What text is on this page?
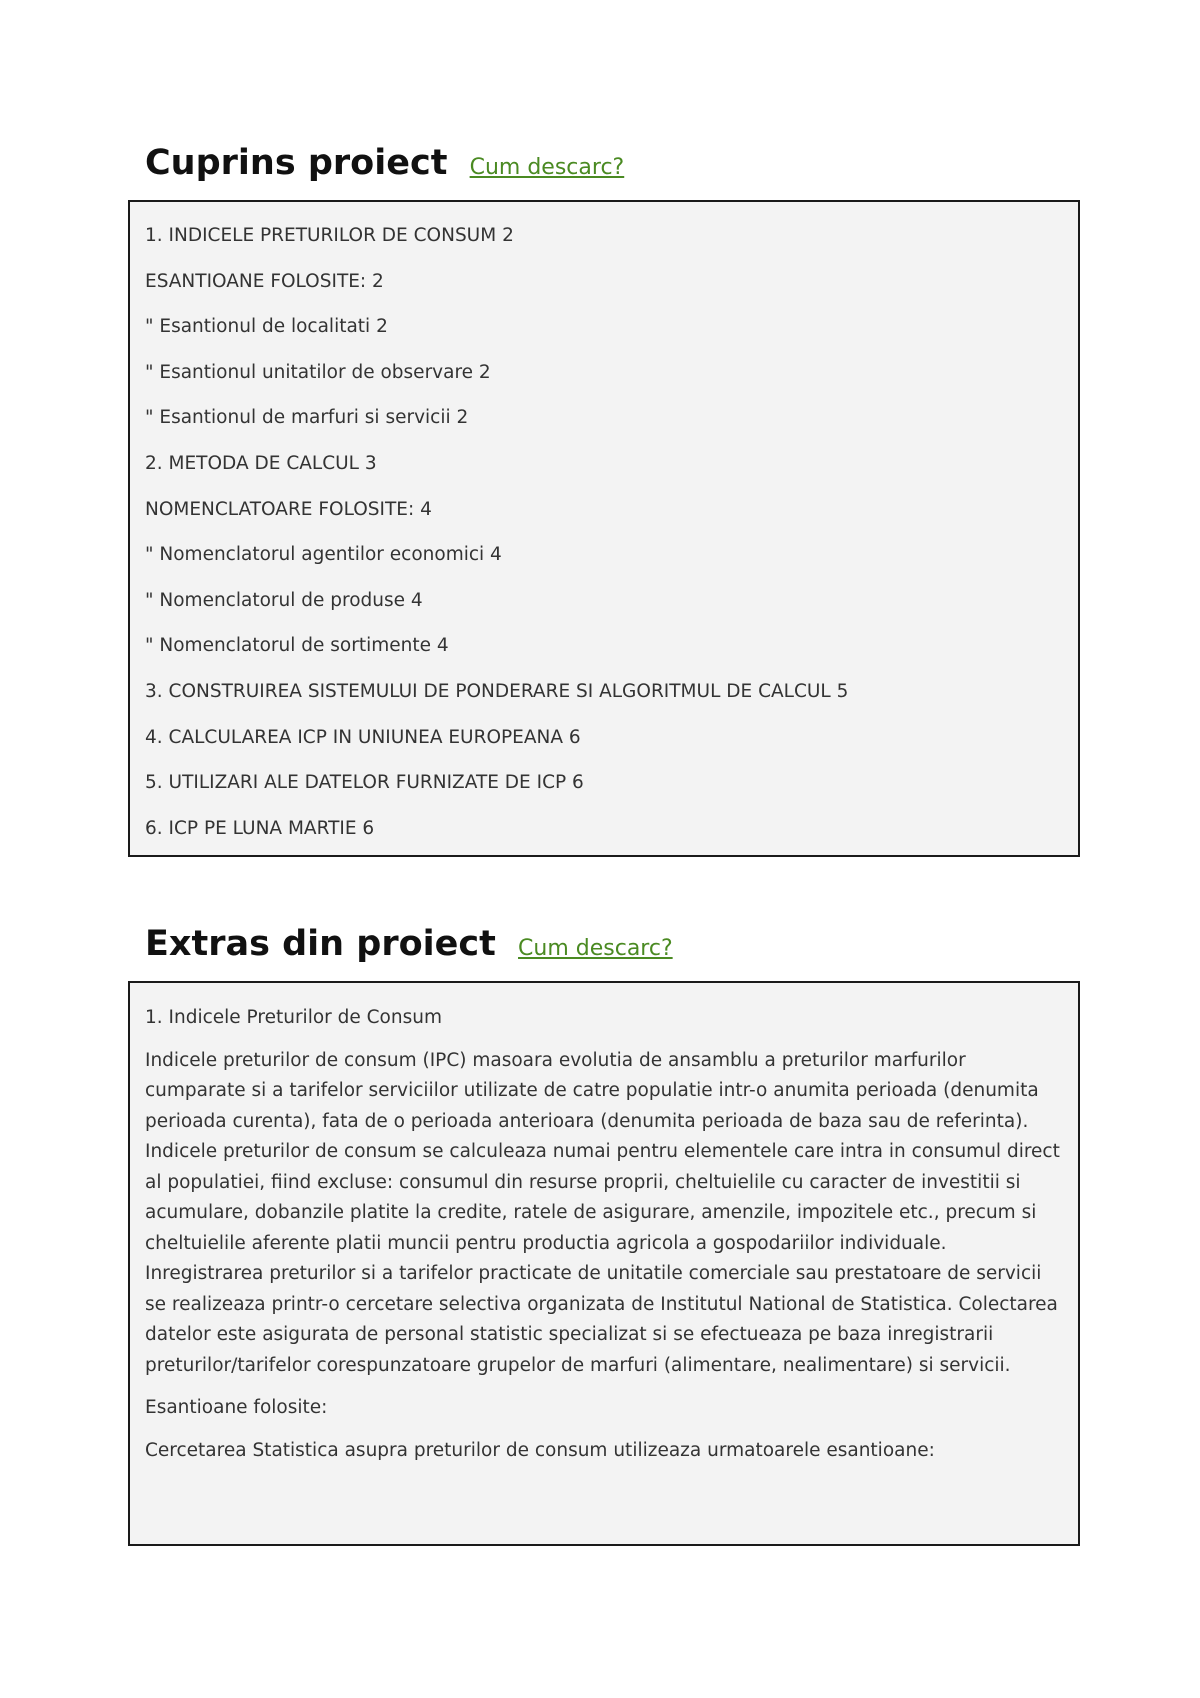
Cuprins proiect Cum descarc?
1. INDICELE PRETURILOR DE CONSUM 2
ESANTIOANE FOLOSITE: 2
" Esantionul de localitati 2
" Esantionul unitatilor de observare 2
" Esantionul de marfuri si servicii 2
2. METODA DE CALCUL 3
NOMENCLATOARE FOLOSITE: 4
" Nomenclatorul agentilor economici 4
" Nomenclatorul de produse 4
" Nomenclatorul de sortimente 4
3. CONSTRUIREA SISTEMULUI DE PONDERARE SI ALGORITMUL DE CALCUL 5
4. CALCULAREA ICP IN UNIUNEA EUROPEANA 6
5. UTILIZARI ALE DATELOR FURNIZATE DE ICP 6
6. ICP PE LUNA MARTIE 6
Extras din proiect Cum descarc?

1. Indicele Preturilor de Consum

Indicele preturilor de consum (IPC) masoara evolutia de ansamblu a preturilor marfurilor cumparate si a tarifelor serviciilor utilizate de catre populatie intr-o anumita perioada (denumita perioada curenta), fata de o perioada anterioara (denumita perioada de baza sau de referinta). Indicele preturilor de consum se calculeaza numai pentru elementele care intra in consumul direct al populatiei, fiind excluse: consumul din resurse proprii, cheltuielile cu caracter de investitii si acumulare, dobanzile platite la credite, ratele de asigurare, amenzile, impozitele etc., precum si cheltuielile aferente platii muncii pentru productia agricola a gospodariilor individuale. Inregistrarea preturilor si a tarifelor practicate de unitatile comerciale sau prestatoare de servicii se realizeaza printr-o cercetare selectiva organizata de Institutul National de Statistica. Colectarea datelor este asigurata de personal statistic specializat si se efectueaza pe baza inregistrarii preturilor/tarifelor corespunzatoare grupelor de marfuri (alimentare, nealimentare) si servicii.

Esantioane folosite:

Cercetarea Statistica asupra preturilor de consum utilizeaza urmatoarele esantioane:
